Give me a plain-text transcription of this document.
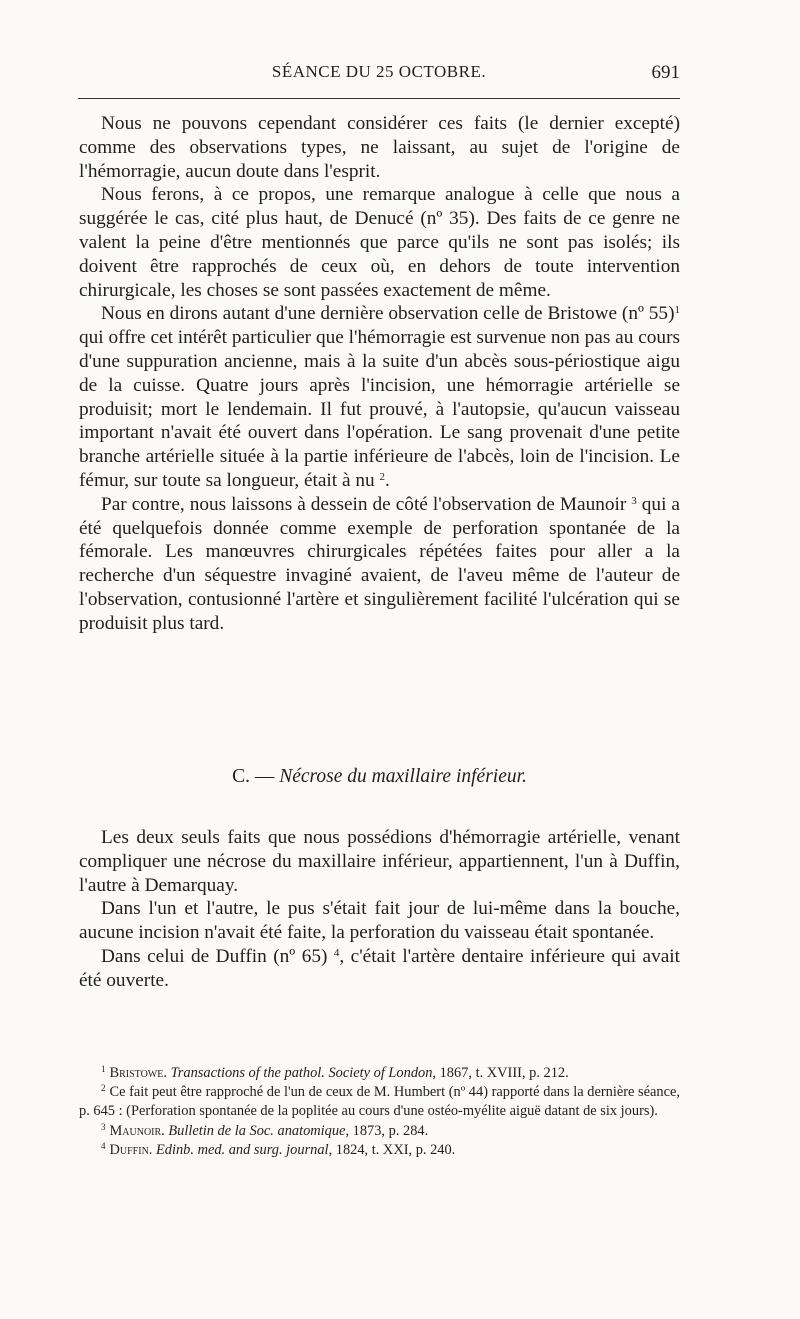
SÉANCE DU 25 OCTOBRE.	691

Nous ne pouvons cependant considérer ces faits (le dernier excepté) comme des observations types, ne laissant, au sujet de l'origine de l'hémorragie, aucun doute dans l'esprit.

Nous ferons, à ce propos, une remarque analogue à celle que nous a suggérée le cas, cité plus haut, de Denucé (nº 35). Des faits de ce genre ne valent la peine d'être mentionnés que parce qu'ils ne sont pas isolés; ils doivent être rapprochés de ceux où, en dehors de toute intervention chirurgicale, les choses se sont passées exactement de même.

Nous en dirons autant d'une dernière observation celle de Bristowe (nº 55)$^1$ qui offre cet intérêt particulier que l'hémorragie est survenue non pas au cours d'une suppuration ancienne, mais à la suite d'un abcès sous-périostique aigu de la cuisse. Quatre jours après l'incision, une hémorragie artérielle se produisit; mort le lendemain. Il fut prouvé, à l'autopsie, qu'aucun vaisseau important n'avait été ouvert dans l'opération. Le sang provenait d'une petite branche artérielle située à la partie inférieure de l'abcès, loin de l'incision. Le fémur, sur toute sa longueur, était à nu $^2$.

Par contre, nous laissons à dessein de côté l'observation de Maunoir $^3$ qui a été quelquefois donnée comme exemple de perforation spontanée de la fémorale. Les manœuvres chirurgicales répétées faites pour aller a la recherche d'un séquestre invaginé avaient, de l'aveu même de l'auteur de l'observation, contusionné l'artère et singulièrement facilité l'ulcération qui se produisit plus tard.

C. — Nécrose du maxillaire inférieur.

Les deux seuls faits que nous possédions d'hémorragie artérielle, venant compliquer une nécrose du maxillaire inférieur, appartiennent, l'un à Duffin, l'autre à Demarquay.

Dans l'un et l'autre, le pus s'était fait jour de lui-même dans la bouche, aucune incision n'avait été faite, la perforation du vaisseau était spontanée.

Dans celui de Duffin (nº 65) $^4$, c'était l'artère dentaire inférieure qui avait été ouverte.

$^1$ Bristowe. Transactions of the pathol. Society of London, 1867, t. XVIII, p. 212.

$^2$ Ce fait peut être rapproché de l'un de ceux de M. Humbert (nº 44) rapporté dans la dernière séance, p. 645 : (Perforation spontanée de la poplitée au cours d'une ostéo-myélite aiguë datant de six jours).

$^3$ Maunoir. Bulletin de la Soc. anatomique, 1873, p. 284.

$^4$ Duffin. Edinb. med. and surg. journal, 1824, t. XXI, p. 240.
